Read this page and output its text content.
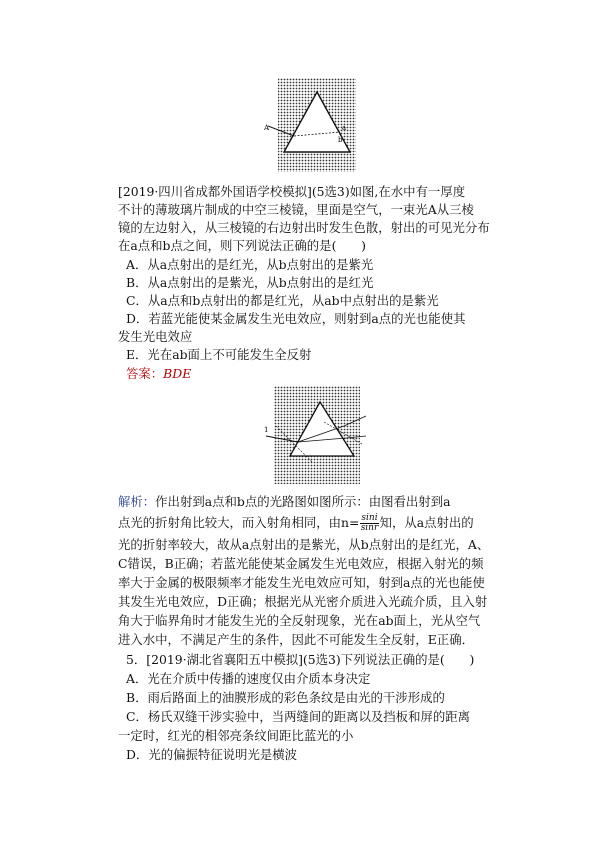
A	a
b
[2019·四川省成都外国语学校模拟](5选3)如图,在水中有一厚度
不计的薄玻璃片制成的中空三棱镜，里面是空气，一束光A从三棱
镜的左边射入，从三棱镜的右边射出时发生色散，射出的可见光分布
在a点和b点之间，则下列说法正确的是(　　)
A．从a点射出的是红光，从b点射出的是紫光
B．从a点射出的是紫光，从b点射出的是红光
C．从a点和b点射出的都是红光，从ab中点射出的是紫光
D．若蓝光能使某金属发生光电效应，则射到a点的光也能使其
发生光电效应
E．光在ab面上不可能发生全反射
答案：BDE
1
解析：作出射到a点和b点的光路图如图所示：由图看出射到a
点光的折射角比较大，而入射角相同，由$n= \frac{\sin i}{\sin r}$ 知，从a点射出的
光的折射率较大，故从a点射出的是紫光，从b点射出的是红光，A、
C错误，B正确；若蓝光能使某金属发生光电效应，根据入射光的频
率大于金属的极限频率才能发生光电效应可知，射到a点的光也能使
其发生光电效应，D正确；根据光从光密介质进入光疏介质，且入射
角大于临界角时才能发生光的全反射现象，光在ab面上，光从空气
进入水中，不满足产生的条件，因此不可能发生全反射，E正确．
5．[2019·湖北省襄阳五中模拟](5选3)下列说法正确的是(　　)
A．光在介质中传播的速度仅由介质本身决定
B．雨后路面上的油膜形成的彩色条纹是由光的干涉形成的
C．杨氏双缝干涉实验中，当两缝间的距离以及挡板和屏的距离
一定时，红光的相邻亮条纹间距比蓝光的小
D．光的偏振特征说明光是横波
